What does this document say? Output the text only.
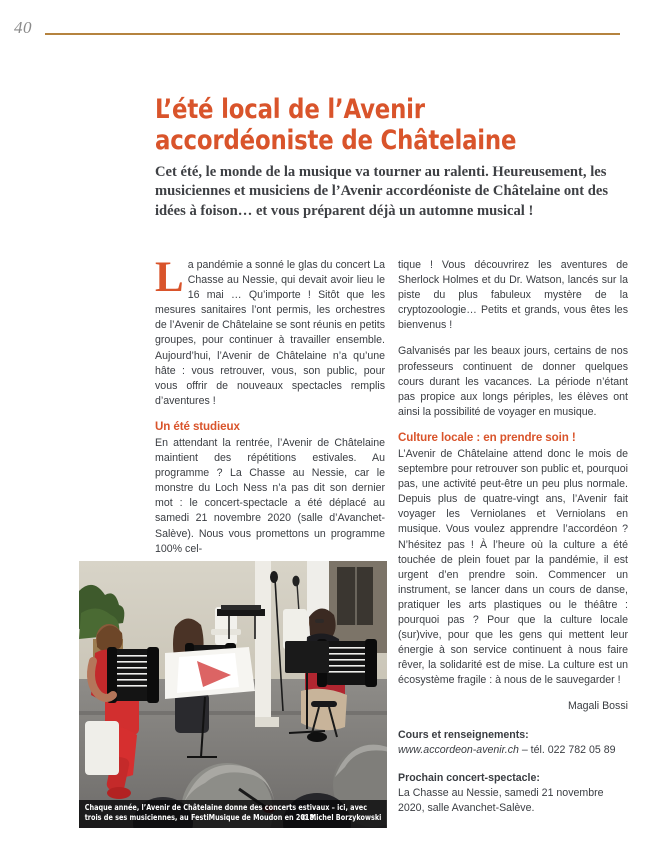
40
L’été local de l’Avenir accordéoniste de Châtelaine
Cet été, le monde de la musique va tourner au ralenti. Heureusement, les musiciennes et musiciens de l’Avenir accordéoniste de Châtelaine ont des idées à foison… et vous préparent déjà un automne musical !

La pandémie a sonné le glas du concert La Chasse au Nessie, qui devait avoir lieu le 16 mai … Qu’importe ! Sitôt que les mesures sanitaires l’ont permis, les orchestres de l’Avenir de Châtelaine se sont réunis en petits groupes, pour continuer à travailler ensemble. Aujourd’hui, l’Avenir de Châtelaine n’a qu’une hâte : vous retrouver, vous, son public, pour vous offrir de nouveaux spectacles remplis d’aventures !

Un été studieux

En attendant la rentrée, l’Avenir de Châtelaine maintient des répétitions estivales. Au programme ? La Chasse au Nessie, car le monstre du Loch Ness n’a pas dit son dernier mot : le concert-spectacle a été déplacé au samedi 21 novembre 2020 (salle d’Avanchet-Salève). Nous vous promettons un programme 100% cel-

tique ! Vous découvrirez les aventures de Sherlock Holmes et du Dr. Watson, lancés sur la piste du plus fabuleux mystère de la cryptozoologie… Petits et grands, vous êtes les bienvenus !

Galvanisés par les beaux jours, certains de nos professeurs continuent de donner quelques cours durant les vacances. La période n’étant pas propice aux longs périples, les élèves ont ainsi la possibilité de voyager en musique.

Culture locale : en prendre soin !

L’Avenir de Châtelaine attend donc le mois de septembre pour retrouver son public et, pourquoi pas, une activité peut-être un peu plus normale. Depuis plus de quatre-vingt ans, l’Avenir fait voyager les Verniolanes et Verniolans en musique. Vous voulez apprendre l’accordéon ? N’hésitez pas ! À l’heure où la culture a été touchée de plein fouet par la pandémie, il est urgent d’en prendre soin. Commencer un instrument, se lancer dans un cours de danse, pratiquer les arts plastiques ou le théâtre : pourquoi pas ? Pour que la culture locale (sur)vive, pour que les gens qui mettent leur énergie à son service continuent à nous faire rêver, la solidarité est de mise. La culture est un écosystème fragile : à nous de le sauvegarder !

Magali Bossi
Cours et renseignements:
www.accordeon-avenir.ch – tél. 022 782 05 89
Prochain concert-spectacle:
La Chasse au Nessie, samedi 21 novembre 2020, salle Avanchet-Salève.
Chaque année, l’Avenir de Châtelaine donne des concerts estivaux – ici, avec trois de ses musiciennes, au FestiMusique de Moudon en 2018.
© Michel Borzykowski
